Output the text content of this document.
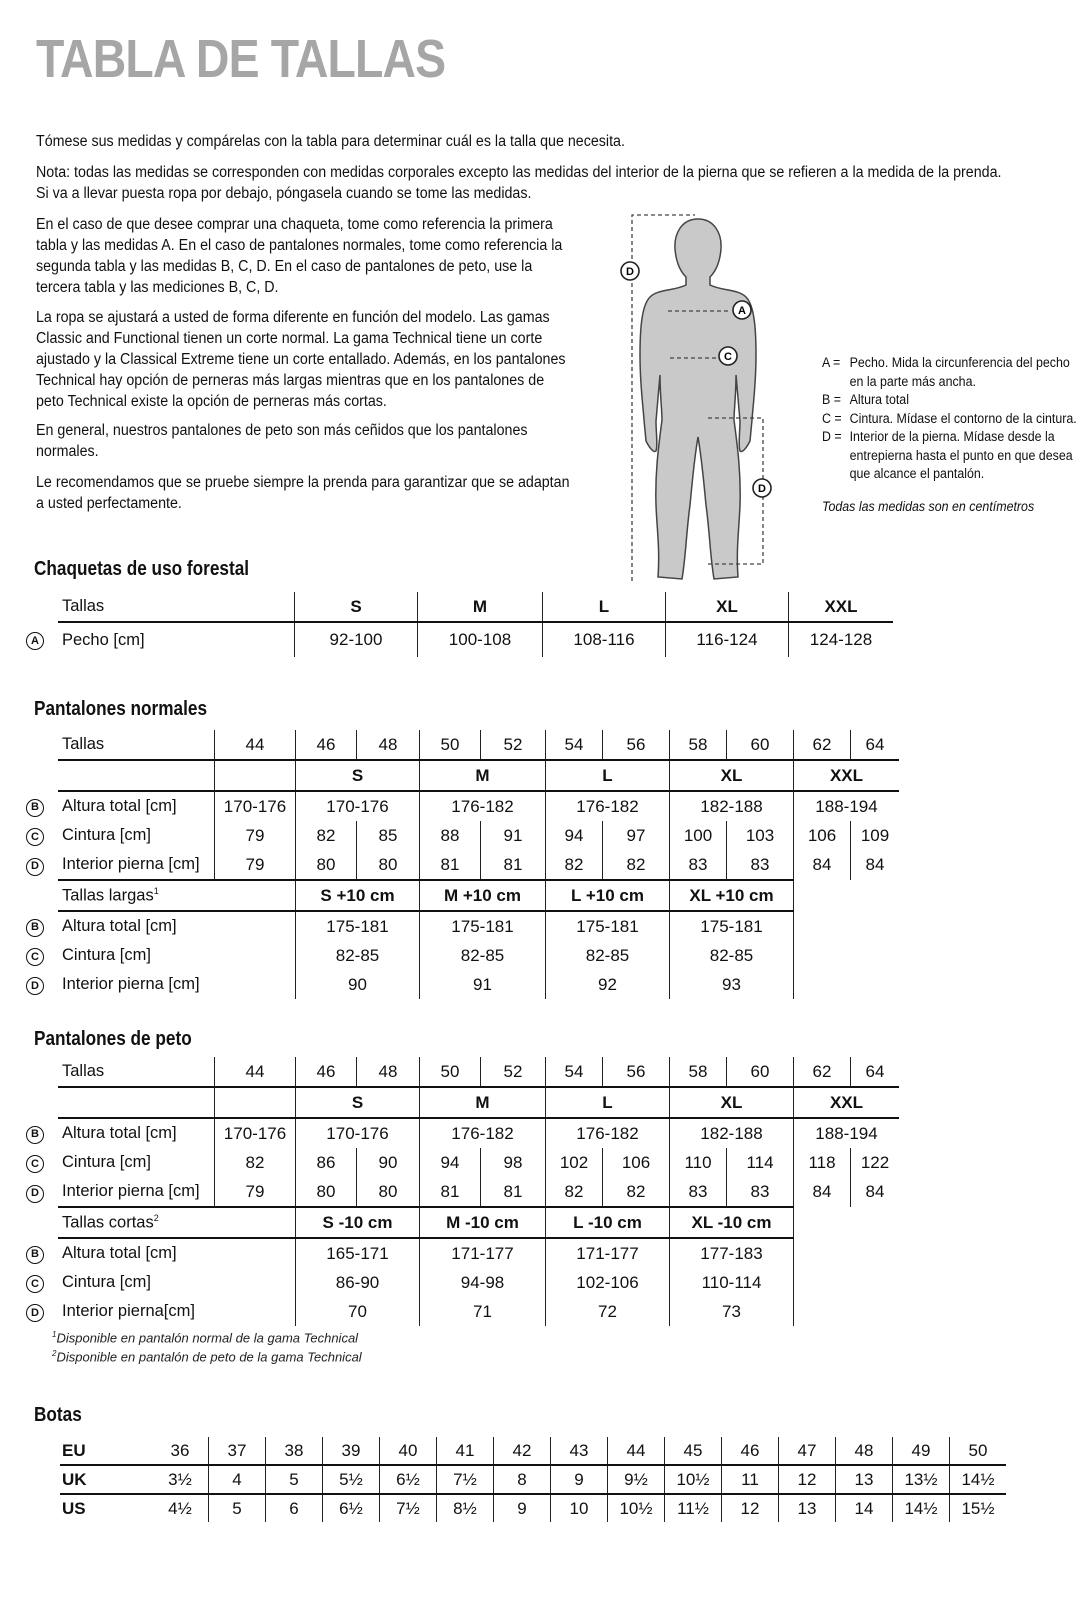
TABLA DE TALLAS
Tómese sus medidas y compárelas con la tabla para determinar cuál es la talla que necesita.
Nota: todas las medidas se corresponden con medidas corporales excepto las medidas del interior de la pierna que se refieren a la medida de la prenda. Si va a llevar puesta ropa por debajo, póngasela cuando se tome las medidas.
En el caso de que desee comprar una chaqueta, tome como referencia la primera tabla y las medidas A. En el caso de pantalones normales, tome como referencia la segunda tabla y las medidas B, C, D. En el caso de pantalones de peto, use la tercera tabla y las mediciones B, C, D.
La ropa se ajustará a usted de forma diferente en función del modelo. Las gamas Classic and Functional tienen un corte normal. La gama Technical tiene un corte ajustado y la Classical Extreme tiene un corte entallado. Además, en los pantalones Technical hay opción de perneras más largas mientras que en los pantalones de peto Technical existe la opción de perneras más cortas.
En general, nuestros pantalones de peto son más ceñidos que los pantalones normales.
Le recomendamos que se pruebe siempre la prenda para garantizar que se adaptan a usted perfectamente.
D
A
C
D
A = Pecho. Mida la circunferencia del pecho en la parte más ancha.
B = Altura total
C = Cintura. Mídase el contorno de la cintura.
D = Interior de la pierna. Mídase desde la entrepierna hasta el punto en que desea que alcance el pantalón.
Todas las medidas son en centímetros
Chaquetas de uso forestal
	Tallas	S	M	L	XL	XXL
A	Pecho [cm]	92-100	100-108	108-116	116-124	124-128
Pantalones normales
	Tallas	44	46	48	50	52	54	56	58	60	62	64
			S		M		L		XL		XXL	
B	Altura total [cm]	170-176	170-176		176-182		176-182		182-188		188-194	
C	Cintura [cm]	79	82	85	88	91	94	97	100	103	106	109
D	Interior pierna [cm]	79	80	80	81	81	82	82	83	83	84	84
	Tallas largas$^1$		S +10 cm		M +10 cm		L +10 cm		XL +10 cm			
B	Altura total [cm]		175-181		175-181		175-181		175-181			
C	Cintura [cm]		82-85		82-85		82-85		82-85			
D	Interior pierna [cm]		90		91		92		93			
Pantalones de peto
	Tallas	44	46	48	50	52	54	56	58	60	62	64
			S		M		L		XL		XXL	
B	Altura total [cm]	170-176	170-176		176-182		176-182		182-188		188-194	
C	Cintura [cm]	82	86	90	94	98	102	106	110	114	118	122
D	Interior pierna [cm]	79	80	80	81	81	82	82	83	83	84	84
	Tallas cortas$^2$		S -10 cm		M -10 cm		L -10 cm		XL -10 cm			
B	Altura total [cm]		165-171		171-177		171-177		177-183			
C	Cintura [cm]		86-90		94-98		102-106		110-114			
D	Interior pierna[cm]		70		71		72		73			
$^1$Disponible en pantalón normal de la gama Technical
$^2$Disponible en pantalón de peto de la gama Technical
Botas
EU	36	37	38	39	40	41	42	43	44	45	46	47	48	49	50
UK	3½	4	5	5½	6½	7½	8	9	9½	10½	11	12	13	13½	14½
US	4½	5	6	6½	7½	8½	9	10	10½	11½	12	13	14	14½	15½
